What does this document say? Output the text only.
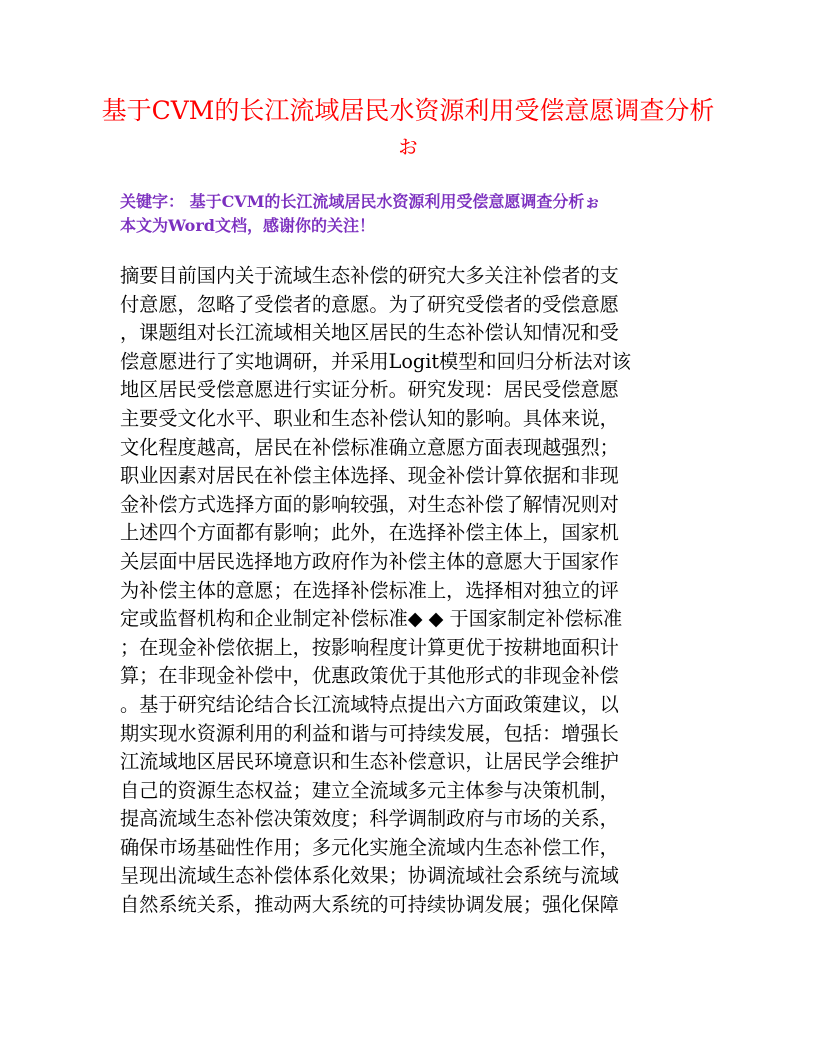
基于CVM的长江流域居民水资源利用受偿意愿调查分析ぉ
关键字： 基于CVM的长江流域居民水资源利用受偿意愿调查分析ぉ
本文为Word文档，感谢你的关注！
摘要目前国内关于流域生态补偿的研究大多关注补偿者的支
付意愿，忽略了受偿者的意愿。为了研究受偿者的受偿意愿
，课题组对长江流域相关地区居民的生态补偿认知情况和受
偿意愿进行了实地调研，并采用Logit模型和回归分析法对该
地区居民受偿意愿进行实证分析。研究发现：居民受偿意愿
主要受文化水平、职业和生态补偿认知的影响。具体来说，
文化程度越高，居民在补偿标准确立意愿方面表现越强烈；
职业因素对居民在补偿主体选择、现金补偿计算依据和非现
金补偿方式选择方面的影响较强，对生态补偿了解情况则对
上述四个方面都有影响；此外，在选择补偿主体上，国家机
关层面中居民选择地方政府作为补偿主体的意愿大于国家作
为补偿主体的意愿；在选择补偿标准上，选择相对独立的评
定或监督机构和企业制定补偿标准◆ ◆ 于国家制定补偿标准
；在现金补偿依据上，按影响程度计算更优于按耕地面积计
算；在非现金补偿中，优惠政策优于其他形式的非现金补偿
。基于研究结论结合长江流域特点提出六方面政策建议，以
期实现水资源利用的利益和谐与可持续发展，包括：增强长
江流域地区居民环境意识和生态补偿意识，让居民学会维护
自己的资源生态权益；建立全流域多元主体参与决策机制，
提高流域生态补偿决策效度；科学调制政府与市场的关系，
确保市场基础性作用；多元化实施全流域内生态补偿工作，
呈现出流域生态补偿体系化效果；协调流域社会系统与流域
自然系统关系，推动两大系统的可持续协调发展；强化保障
